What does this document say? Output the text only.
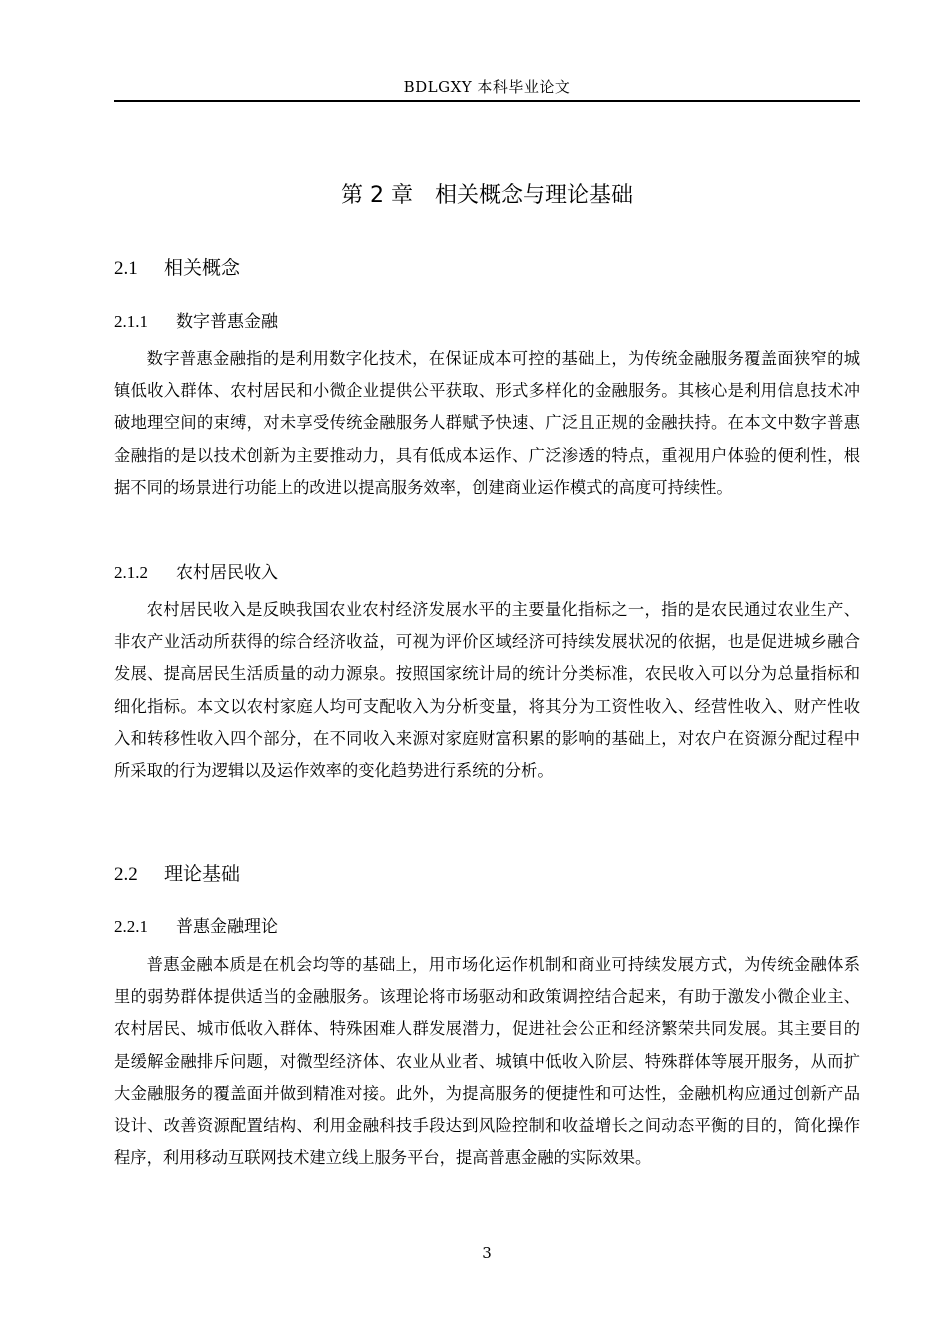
BDLGXY 本科毕业论文
第 2 章　相关概念与理论基础
2.1 相关概念
2.1.1 数字普惠金融

数字普惠金融指的是利用数字化技术，在保证成本可控的基础上，为传统金融服务覆盖面狭窄的城镇低收入群体、农村居民和小微企业提供公平获取、形式多样化的金融服务。其核心是利用信息技术冲破地理空间的束缚，对未享受传统金融服务人群赋予快速、广泛且正规的金融扶持。在本文中数字普惠金融指的是以技术创新为主要推动力，具有低成本运作、广泛渗透的特点，重视用户体验的便利性，根据不同的场景进行功能上的改进以提高服务效率，创建商业运作模式的高度可持续性。

2.1.2 农村居民收入

农村居民收入是反映我国农业农村经济发展水平的主要量化指标之一，指的是农民通过农业生产、非农产业活动所获得的综合经济收益，可视为评价区域经济可持续发展状况的依据，也是促进城乡融合发展、提高居民生活质量的动力源泉。按照国家统计局的统计分类标准，农民收入可以分为总量指标和细化指标。本文以农村家庭人均可支配收入为分析变量，将其分为工资性收入、经营性收入、财产性收入和转移性收入四个部分，在不同收入来源对家庭财富积累的影响的基础上，对农户在资源分配过程中所采取的行为逻辑以及运作效率的变化趋势进行系统的分析。

2.2 理论基础
2.2.1 普惠金融理论

普惠金融本质是在机会均等的基础上，用市场化运作机制和商业可持续发展方式，为传统金融体系里的弱势群体提供适当的金融服务。该理论将市场驱动和政策调控结合起来，有助于激发小微企业主、农村居民、城市低收入群体、特殊困难人群发展潜力，促进社会公正和经济繁荣共同发展。其主要目的是缓解金融排斥问题，对微型经济体、农业从业者、城镇中低收入阶层、特殊群体等展开服务，从而扩大金融服务的覆盖面并做到精准对接。此外，为提高服务的便捷性和可达性，金融机构应通过创新产品设计、改善资源配置结构、利用金融科技手段达到风险控制和收益增长之间动态平衡的目的，简化操作程序，利用移动互联网技术建立线上服务平台，提高普惠金融的实际效果。

3
